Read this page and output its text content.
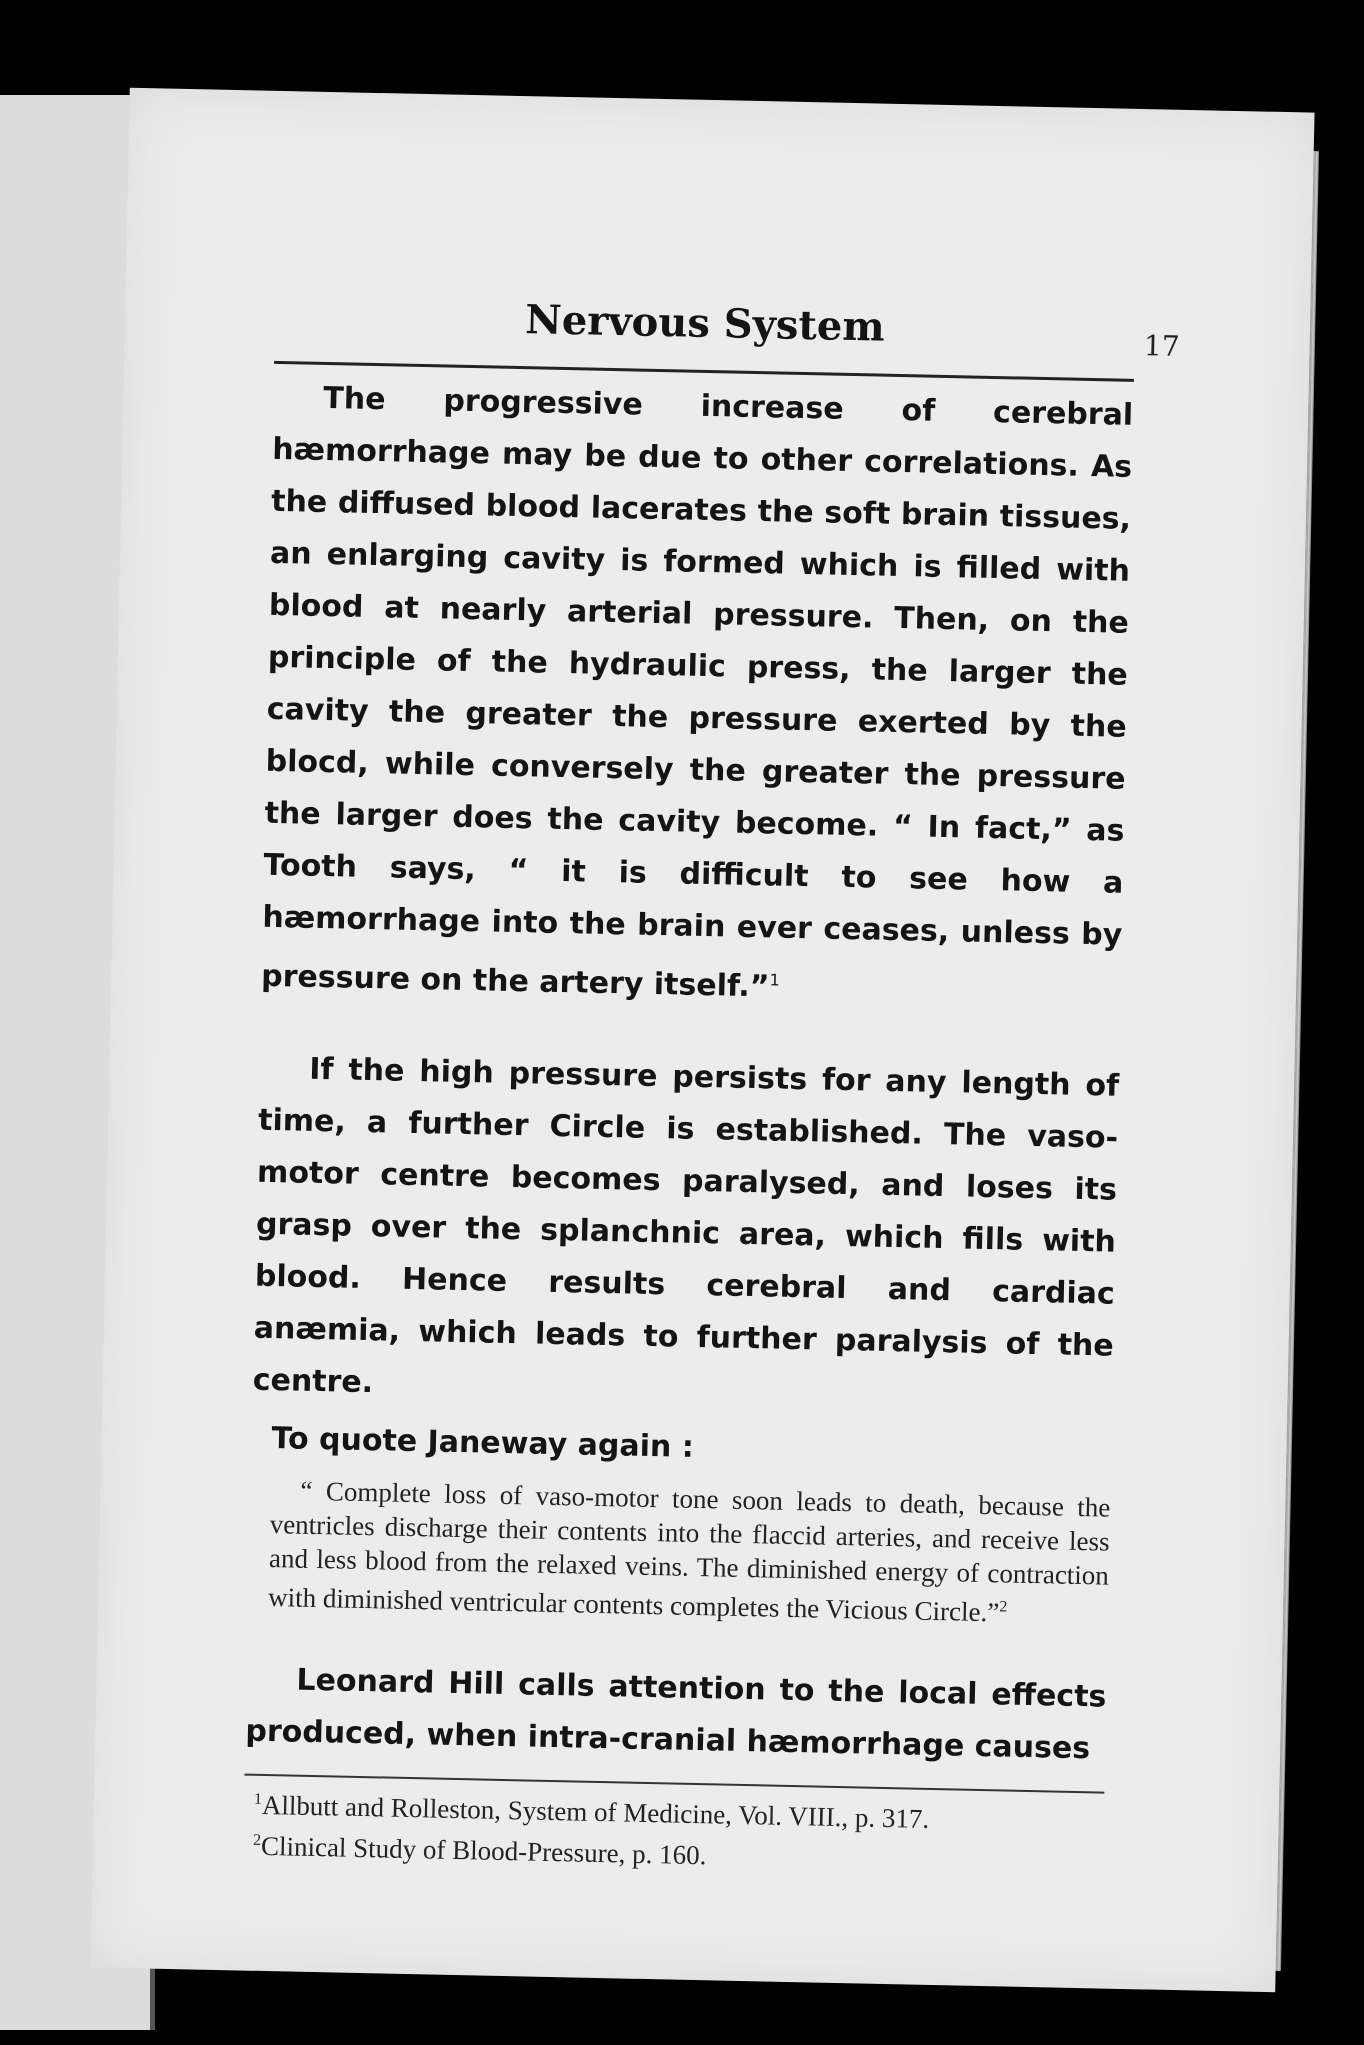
Nervous System	17

The progressive increase of cerebral hæmorrhage may be due to other correlations. As the diffused blood lacerates the soft brain tissues, an enlarging cavity is formed which is filled with blood at nearly arterial pressure. Then, on the principle of the hydraulic press, the larger the cavity the greater the pressure exerted by the blocd, while conversely the greater the pressure the larger does the cavity become. “ In fact,” as Tooth says, “ it is difficult to see how a hæmorrhage into the brain ever ceases, unless by pressure on the artery itself.”$^1$

If the high pressure persists for any length of time, a further Circle is established. The vaso-motor centre becomes paralysed, and loses its grasp over the splanchnic area, which fills with blood. Hence results cerebral and cardiac anæmia, which leads to further paralysis of the centre.

To quote Janeway again :

“ Complete loss of vaso-motor tone soon leads to death, because the ventricles discharge their contents into the flaccid arteries, and receive less and less blood from the relaxed veins. The diminished energy of contraction with diminished ventricular contents completes the Vicious Circle.”$^2$

Leonard Hill calls attention to the local effects produced, when intra-cranial hæmorrhage causes

$^1$Allbutt and Rolleston, System of Medicine, Vol. VIII., p. 317.
$^2$Clinical Study of Blood-Pressure, p. 160.
